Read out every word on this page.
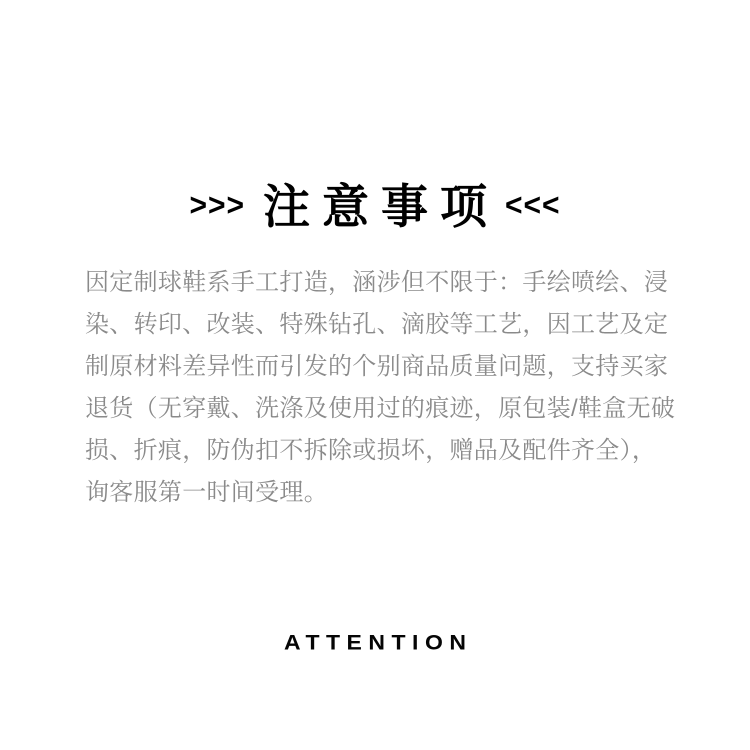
>>> 注意事项 <<<
因定制球鞋系手工打造，涵涉但不限于：手绘喷绘、浸
染、转印、改装、特殊钻孔、滴胶等工艺，因工艺及定
制原材料差异性而引发的个别商品质量问题，支持买家
退货（无穿戴、洗涤及使用过的痕迹，原包装/鞋盒无破
损、折痕，防伪扣不拆除或损坏，赠品及配件齐全），
询客服第一时间受理。
ATTENTION
